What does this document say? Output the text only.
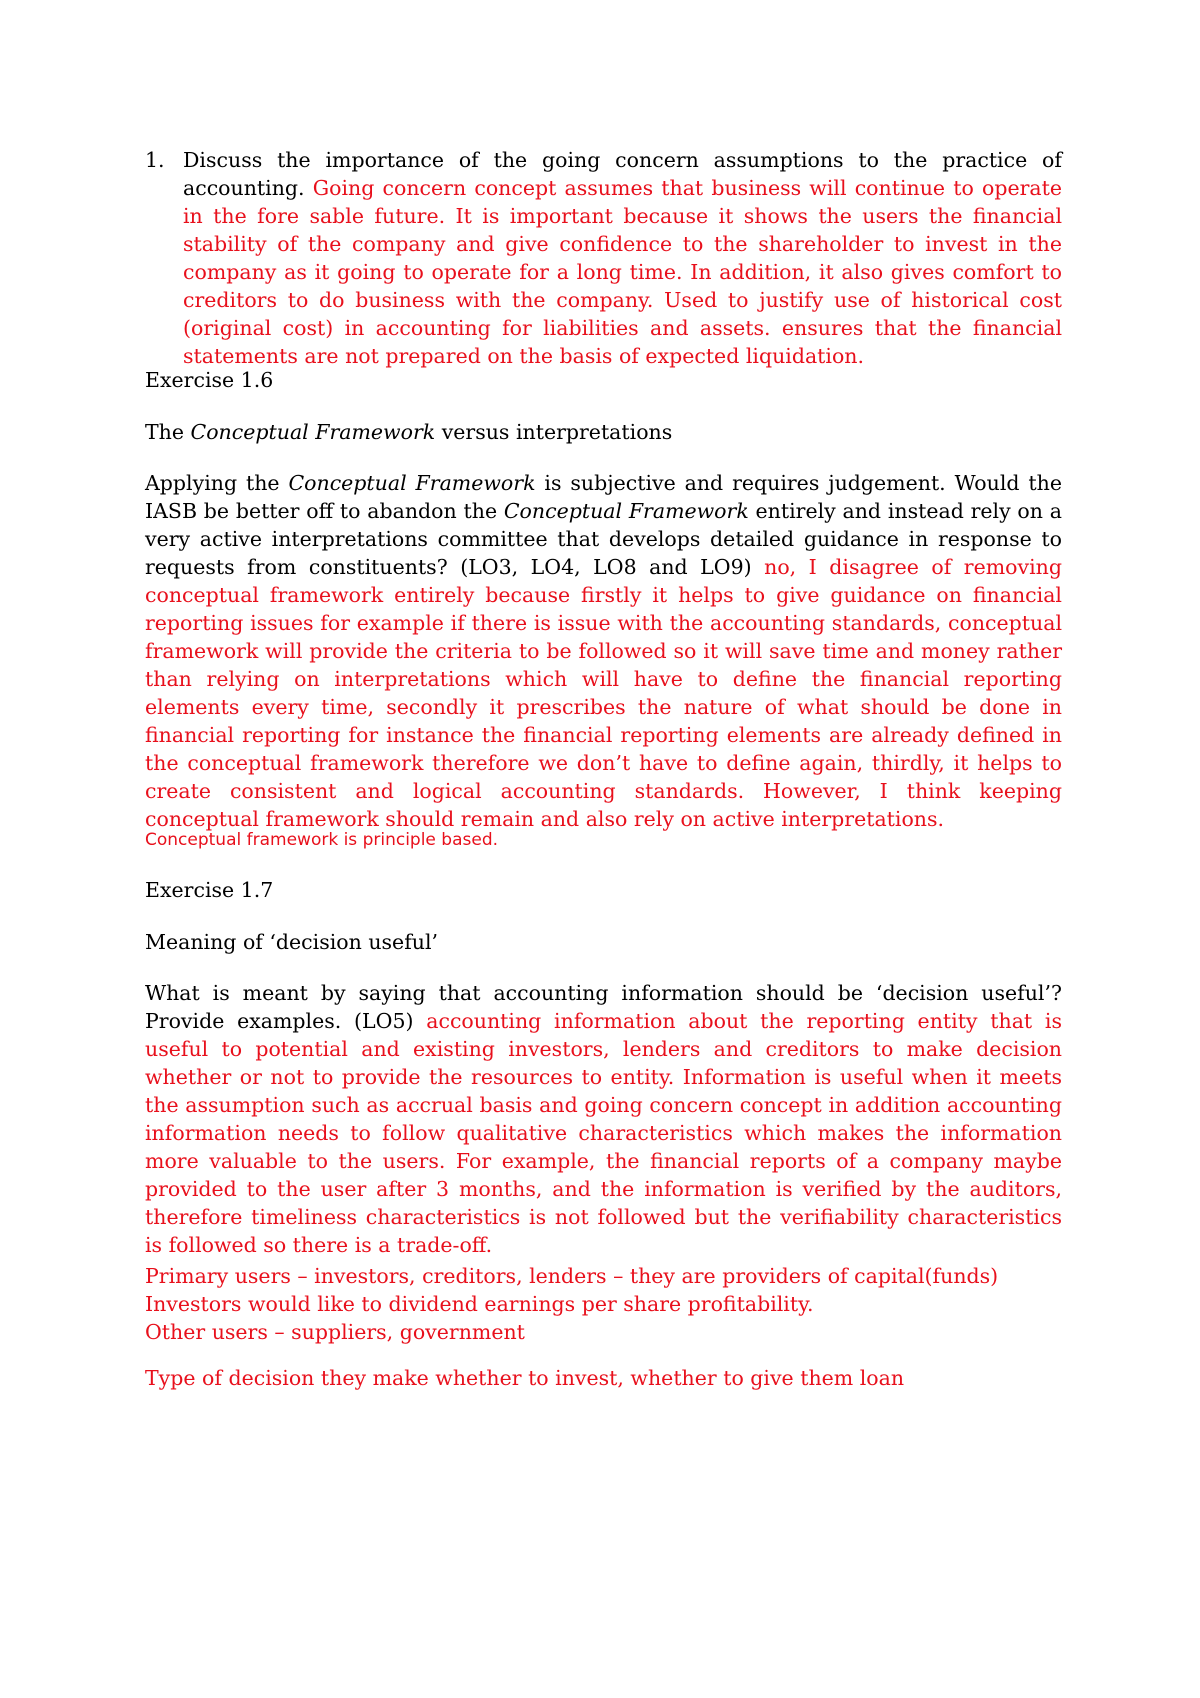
1. Discuss the importance of the going concern assumptions to the practice of accounting. Going concern concept assumes that business will continue to operate in the fore sable future. It is important because it shows the users the financial stability of the company and give confidence to the shareholder to invest in the company as it going to operate for a long time. In addition, it also gives comfort to creditors to do business with the company. Used to justify use of historical cost (original cost) in accounting for liabilities and assets. ensures that the financial statements are not prepared on the basis of expected liquidation.
Exercise 1.6
The Conceptual Framework versus interpretations
Applying the Conceptual Framework is subjective and requires judgement. Would the IASB be better off to abandon the Conceptual Framework entirely and instead rely on a very active interpretations committee that develops detailed guidance in response to requests from constituents? (LO3, LO4, LO8 and LO9) no, I disagree of removing conceptual framework entirely because firstly it helps to give guidance on financial reporting issues for example if there is issue with the accounting standards, conceptual framework will provide the criteria to be followed so it will save time and money rather than relying on interpretations which will have to define the financial reporting elements every time, secondly it prescribes the nature of what should be done in financial reporting for instance the financial reporting elements are already defined in the conceptual framework therefore we don’t have to define again, thirdly, it helps to create consistent and logical accounting standards. However, I think keeping conceptual framework should remain and also rely on active interpretations.
Conceptual framework is principle based.
Exercise 1.7
Meaning of ‘decision useful’
What is meant by saying that accounting information should be ‘decision useful’? Provide examples. (LO5) accounting information about the reporting entity that is useful to potential and existing investors, lenders and creditors to make decision whether or not to provide the resources to entity. Information is useful when it meets the assumption such as accrual basis and going concern concept in addition accounting information needs to follow qualitative characteristics which makes the information more valuable to the users. For example, the financial reports of a company maybe provided to the user after 3 months, and the information is verified by the auditors, therefore timeliness characteristics is not followed but the verifiability characteristics is followed so there is a trade-off.
Primary users – investors, creditors, lenders – they are providers of capital(funds)
Investors would like to dividend earnings per share profitability.
Other users – suppliers, government
Type of decision they make whether to invest, whether to give them loan
